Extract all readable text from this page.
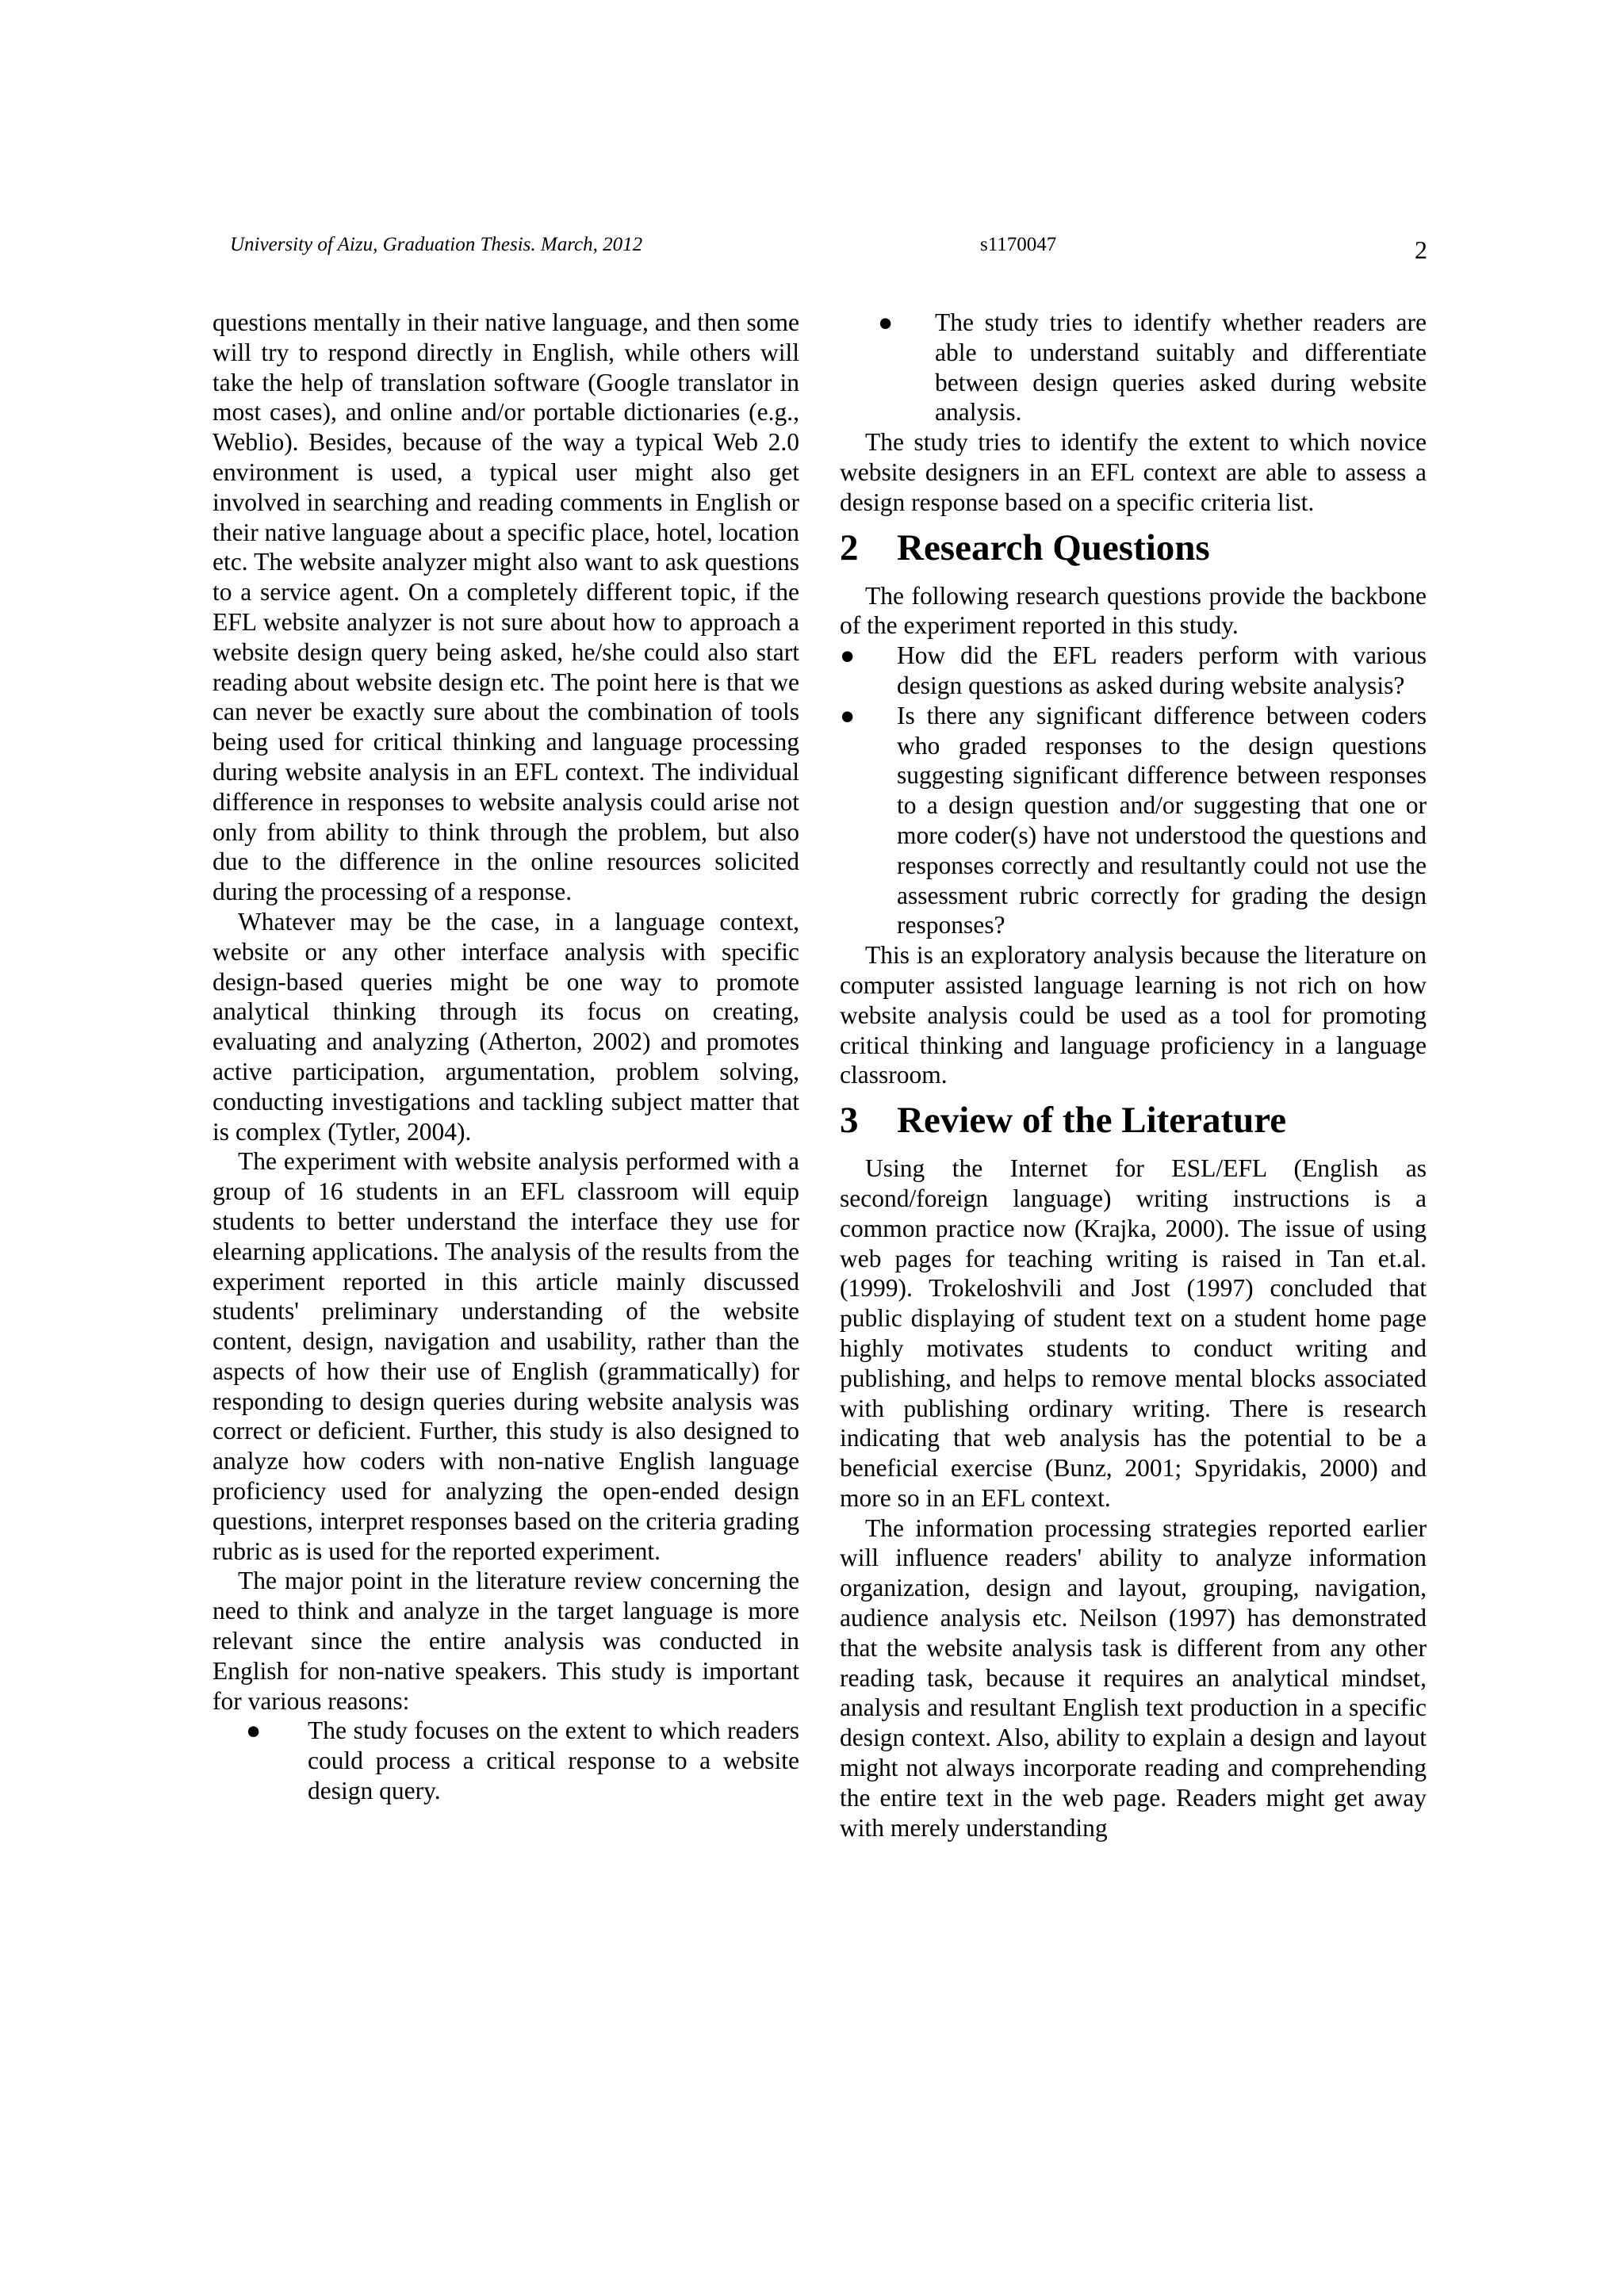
University of Aizu, Graduation Thesis. March, 2012	s1170047	2

questions mentally in their native language, and then some will try to respond directly in English, while others will take the help of translation software (Google translator in most cases), and online and/or portable dictionaries (e.g., Weblio). Besides, because of the way a typical Web 2.0 environment is used, a typical user might also get involved in searching and reading comments in English or their native language about a specific place, hotel, location etc. The website analyzer might also want to ask questions to a service agent. On a completely different topic, if the EFL website analyzer is not sure about how to approach a website design query being asked, he/she could also start reading about website design etc. The point here is that we can never be exactly sure about the combination of tools being used for critical thinking and language processing during website analysis in an EFL context. The individual difference in responses to website analysis could arise not only from ability to think through the problem, but also due to the difference in the online resources solicited during the processing of a response.

Whatever may be the case, in a language context, website or any other interface analysis with specific design-based queries might be one way to promote analytical thinking through its focus on creating, evaluating and analyzing (Atherton, 2002) and promotes active participation, argumentation, problem solving, conducting investigations and tackling subject matter that is complex (Tytler, 2004).

The experiment with website analysis performed with a group of 16 students in an EFL classroom will equip students to better understand the interface they use for elearning applications. The analysis of the results from the experiment reported in this article mainly discussed students' preliminary understanding of the website content, design, navigation and usability, rather than the aspects of how their use of English (grammatically) for responding to design queries during website analysis was correct or deficient. Further, this study is also designed to analyze how coders with non-native English language proficiency used for analyzing the open-ended design questions, interpret responses based on the criteria grading rubric as is used for the reported experiment.

The major point in the literature review concerning the need to think and analyze in the target language is more relevant since the entire analysis was conducted in English for non-native speakers. This study is important for various reasons:

●	The study focuses on the extent to which readers could process a critical response to a website design query.
●	The study tries to identify whether readers are able to understand suitably and differentiate between design queries asked during website analysis.

The study tries to identify the extent to which novice website designers in an EFL context are able to assess a design response based on a specific criteria list.

2 Research Questions

The following research questions provide the backbone of the experiment reported in this study.

●	How did the EFL readers perform with various design questions as asked during website analysis?
●	Is there any significant difference between coders who graded responses to the design questions suggesting significant difference between responses to a design question and/or suggesting that one or more coder(s) have not understood the questions and responses correctly and resultantly could not use the assessment rubric correctly for grading the design responses?

This is an exploratory analysis because the literature on computer assisted language learning is not rich on how website analysis could be used as a tool for promoting critical thinking and language proficiency in a language classroom.

3 Review of the Literature

Using the Internet for ESL/EFL (English as second/foreign language) writing instructions is a common practice now (Krajka, 2000). The issue of using web pages for teaching writing is raised in Tan et.al. (1999). Trokeloshvili and Jost (1997) concluded that public displaying of student text on a student home page highly motivates students to conduct writing and publishing, and helps to remove mental blocks associated with publishing ordinary writing. There is research indicating that web analysis has the potential to be a beneficial exercise (Bunz, 2001; Spyridakis, 2000) and more so in an EFL context.

The information processing strategies reported earlier will influence readers' ability to analyze information organization, design and layout, grouping, navigation, audience analysis etc. Neilson (1997) has demonstrated that the website analysis task is different from any other reading task, because it requires an analytical mindset, analysis and resultant English text production in a specific design context. Also, ability to explain a design and layout might not always incorporate reading and comprehending the entire text in the web page. Readers might get away with merely understanding
